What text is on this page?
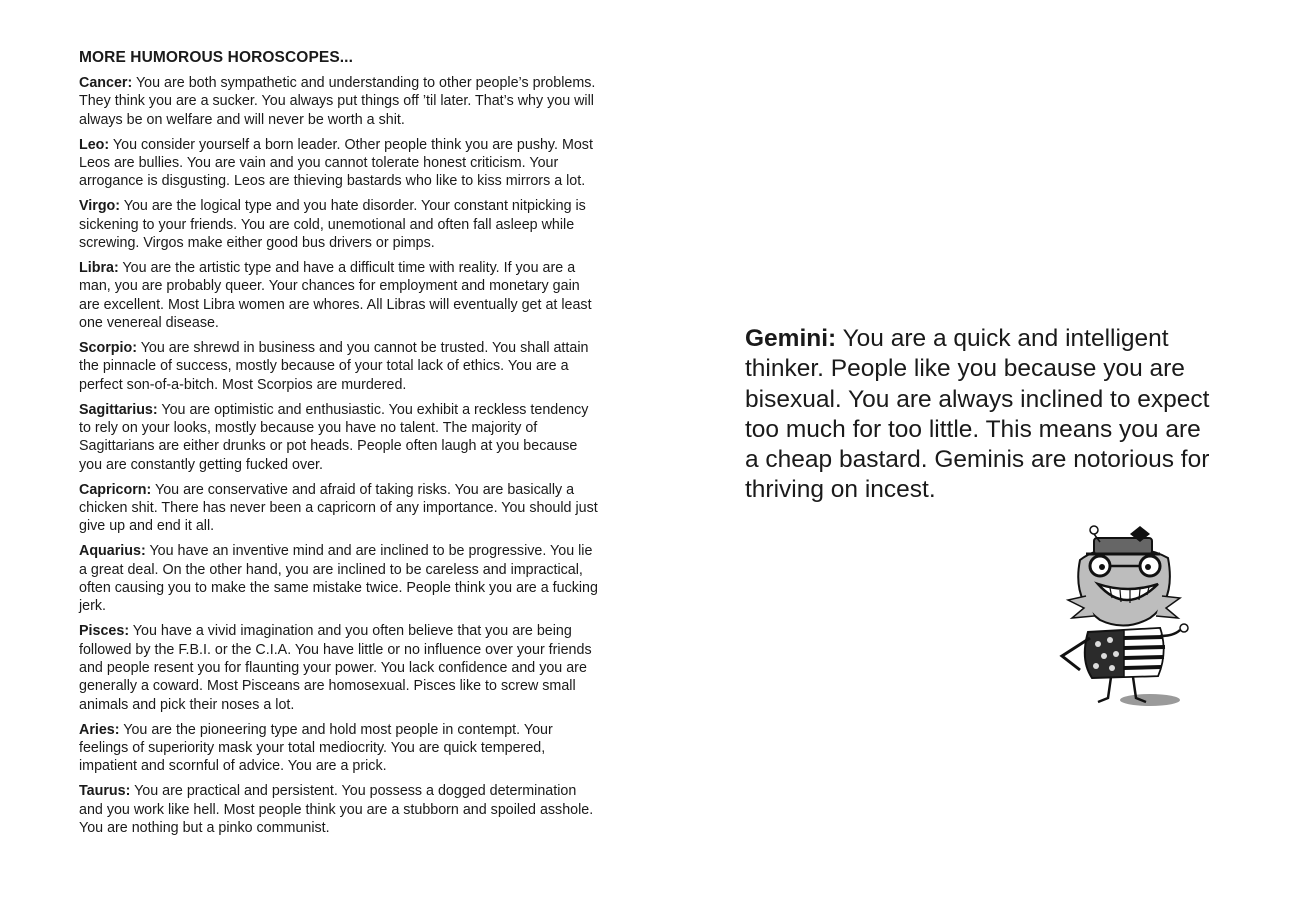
MORE HUMOROUS HOROSCOPES...

Cancer: You are both sympathetic and understanding to other people’s problems. They think you are a sucker. You always put things off ’til later. That’s why you will always be on welfare and will never be worth a shit.

Leo: You consider yourself a born leader. Other people think you are pushy. Most Leos are bullies. You are vain and you cannot tolerate honest criticism. Your arrogance is disgusting. Leos are thieving bastards who like to kiss mirrors a lot.

Virgo: You are the logical type and you hate disorder. Your constant nitpicking is sickening to your friends. You are cold, unemotional and often fall asleep while screwing. Virgos make either good bus drivers or pimps.

Libra: You are the artistic type and have a difficult time with reality. If you are a man, you are probably queer. Your chances for employment and monetary gain are excellent. Most Libra women are whores. All Libras will eventually get at least one venereal disease.

Scorpio: You are shrewd in business and you cannot be trusted. You shall attain the pinnacle of success, mostly because of your total lack of ethics. You are a perfect son-of-a-bitch. Most Scorpios are murdered.

Sagittarius: You are optimistic and enthusiastic. You exhibit a reckless tendency to rely on your looks, mostly because you have no talent. The majority of Sagittarians are either drunks or pot heads. People often laugh at you because you are constantly getting fucked over.

Capricorn: You are conservative and afraid of taking risks. You are basically a chicken shit. There has never been a capricorn of any importance. You should just give up and end it all.

Aquarius: You have an inventive mind and are inclined to be progressive. You lie a great deal. On the other hand, you are inclined to be careless and impractical, often causing you to make the same mistake twice. People think you are a fucking jerk.

Pisces: You have a vivid imagination and you often believe that you are being followed by the F.B.I. or the C.I.A. You have little or no influence over your friends and people resent you for flaunting your power. You lack confidence and you are generally a coward. Most Pisceans are homosexual. Pisces like to screw small animals and pick their noses a lot.

Aries: You are the pioneering type and hold most people in contempt. Your feelings of superiority mask your total mediocrity. You are quick tempered, impatient and scornful of advice. You are a prick.

Taurus: You are practical and persistent. You possess a dogged determination and you work like hell. Most people think you are a stubborn and spoiled asshole. You are nothing but a pinko communist.

Gemini: You are a quick and intelligent thinker. People like you because you are bisexual. You are always inclined to expect too much for too little. This means you are a cheap bastard. Geminis are notorious for thriving on incest.
